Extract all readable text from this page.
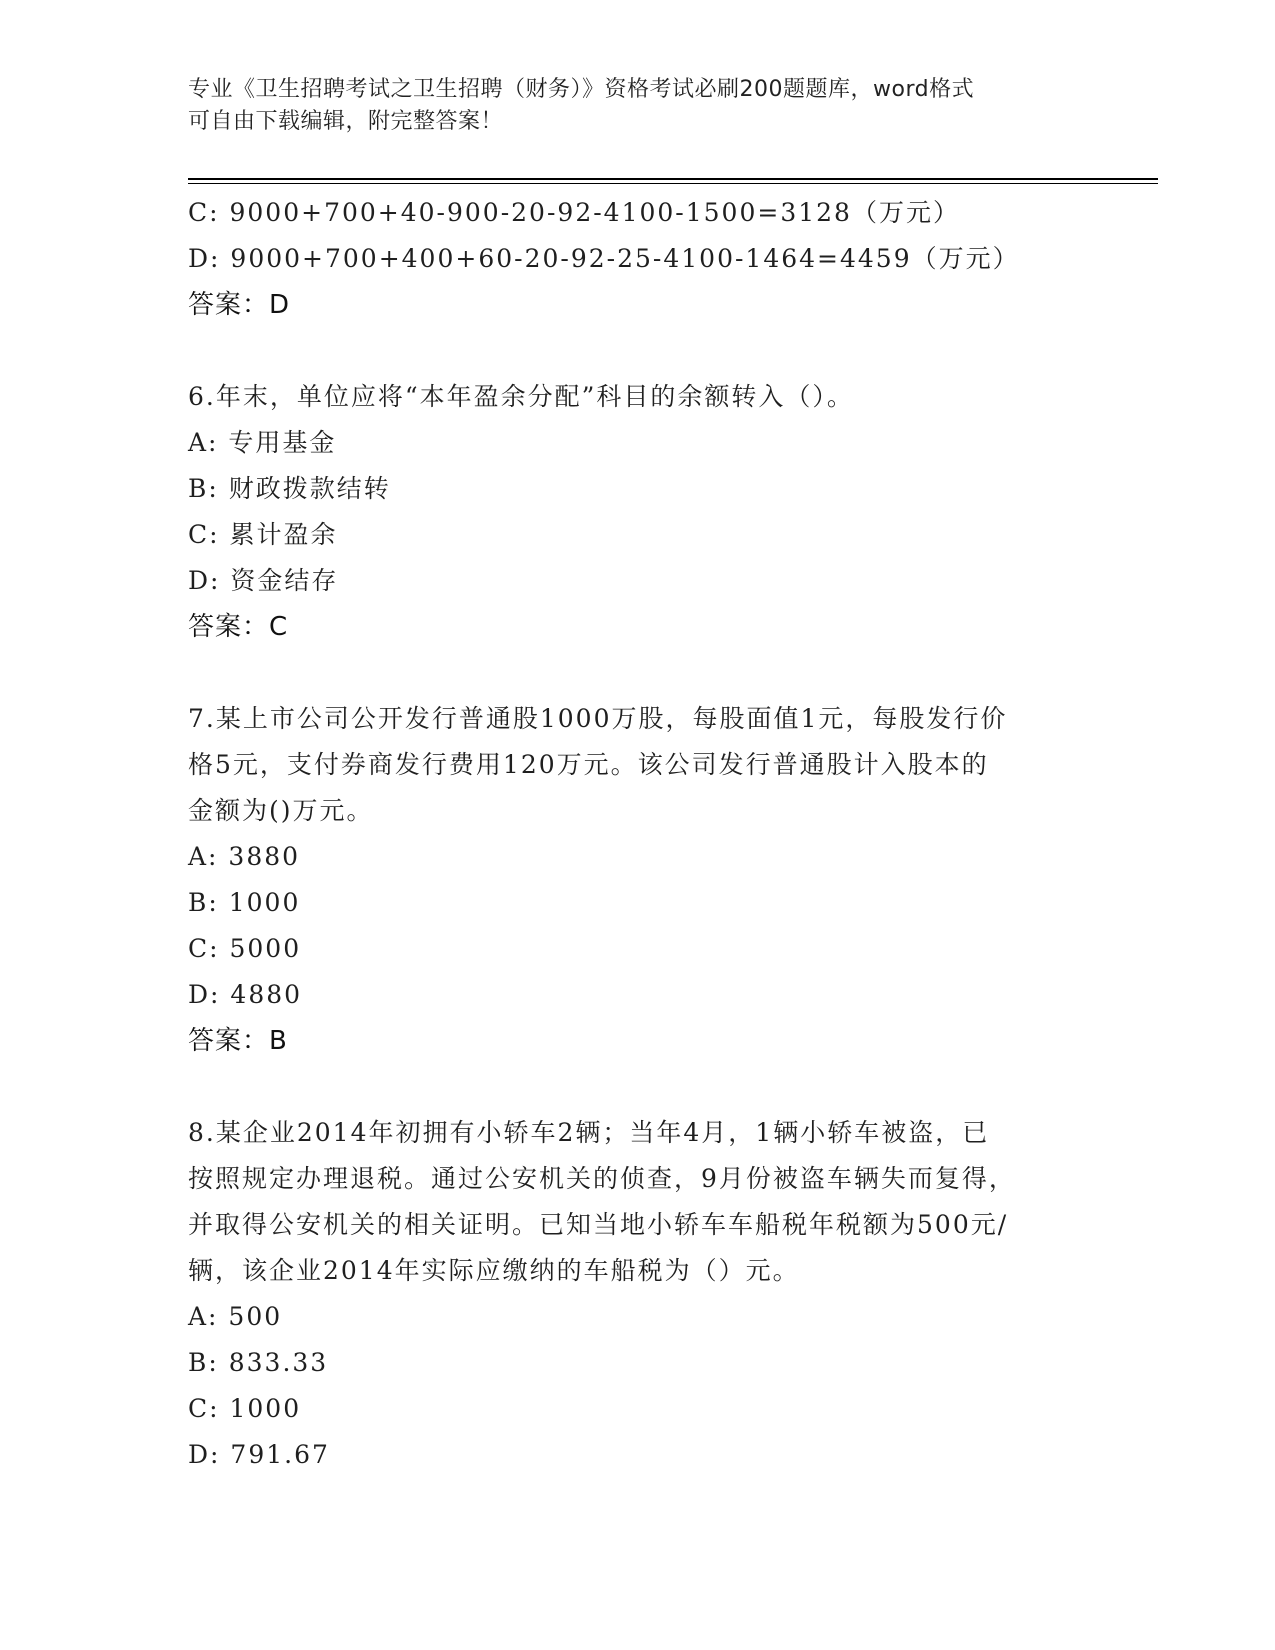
专业《卫生招聘考试之卫生招聘（财务）》资格考试必刷200题题库，word格式
可自由下载编辑，附完整答案！
C: 9000+700+40-900-20-92-4100-1500=3128（万元）
D: 9000+700+400+60-20-92-25-4100-1464=4459（万元）
答案：D
6.年末，单位应将“本年盈余分配”科目的余额转入（）。
A: 专用基金
B: 财政拨款结转
C: 累计盈余
D: 资金结存
答案：C
7.某上市公司公开发行普通股1000万股，每股面值1元，每股发行价
格5元，支付券商发行费用120万元。该公司发行普通股计入股本的
金额为()万元。
A: 3880
B: 1000
C: 5000
D: 4880
答案：B
8.某企业2014年初拥有小轿车2辆；当年4月，1辆小轿车被盗，已
按照规定办理退税。通过公安机关的侦查，9月份被盗车辆失而复得，
并取得公安机关的相关证明。已知当地小轿车车船税年税额为500元/
辆，该企业2014年实际应缴纳的车船税为（）元。
A: 500
B: 833.33
C: 1000
D: 791.67
